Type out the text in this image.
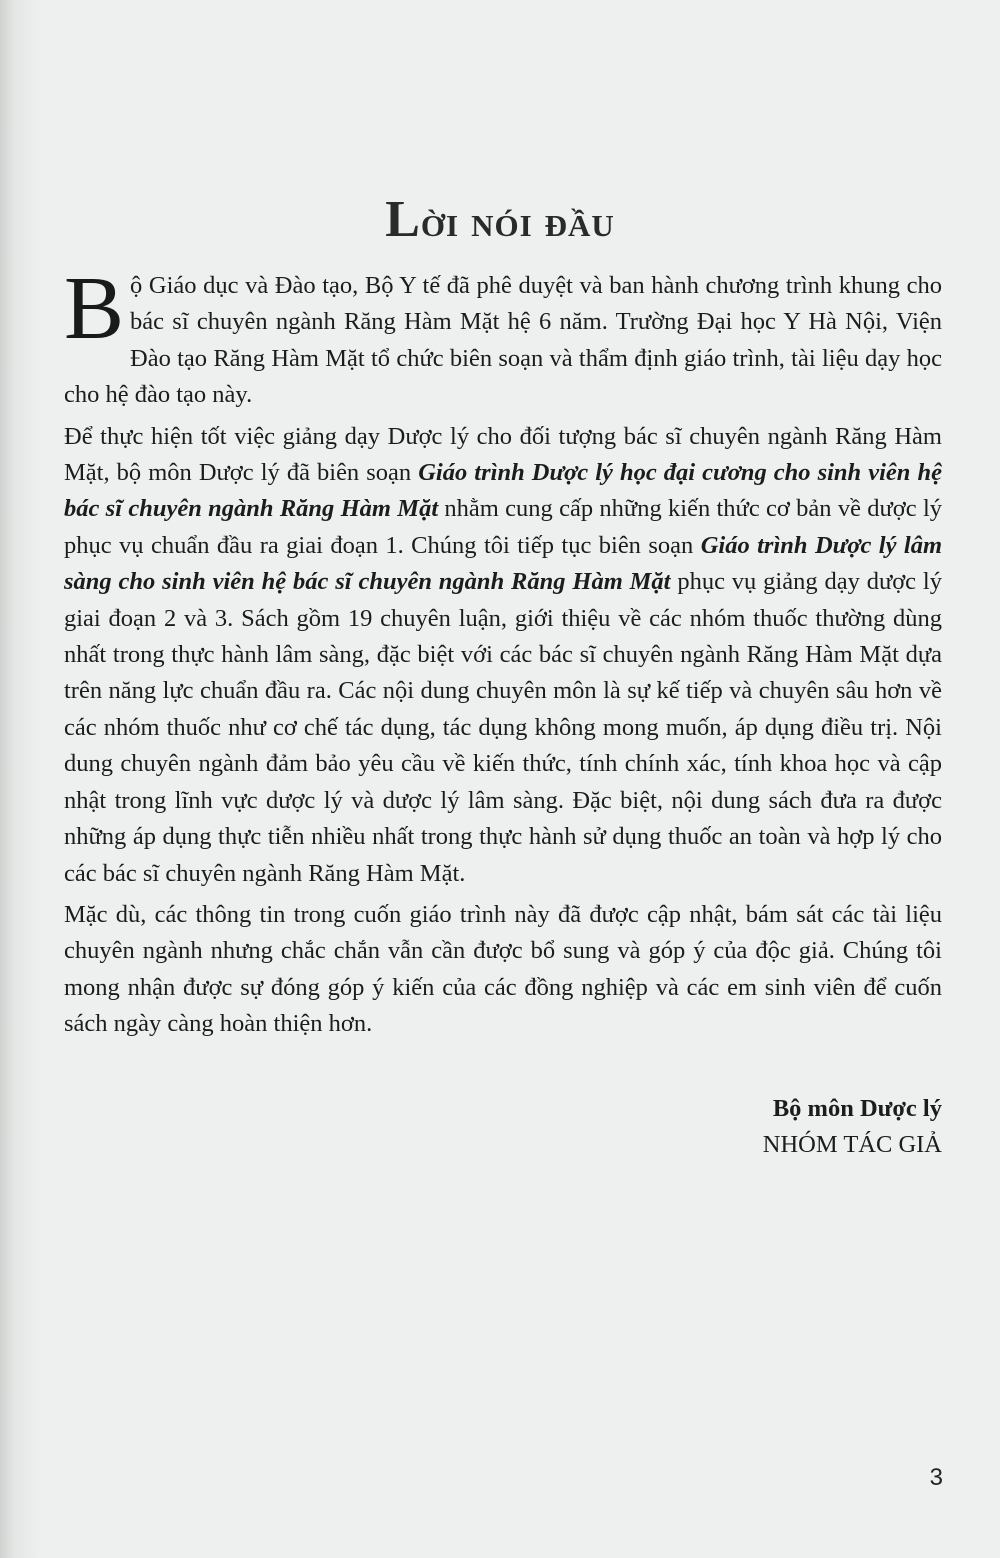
Lời nói đầu

Bộ Giáo dục và Đào tạo, Bộ Y tế đã phê duyệt và ban hành chương trình khung cho bác sĩ chuyên ngành Răng Hàm Mặt hệ 6 năm. Trường Đại học Y Hà Nội, Viện Đào tạo Răng Hàm Mặt tổ chức biên soạn và thẩm định giáo trình, tài liệu dạy học cho hệ đào tạo này.

Để thực hiện tốt việc giảng dạy Dược lý cho đối tượng bác sĩ chuyên ngành Răng Hàm Mặt, bộ môn Dược lý đã biên soạn Giáo trình Dược lý học đại cương cho sinh viên hệ bác sĩ chuyên ngành Răng Hàm Mặt nhằm cung cấp những kiến thức cơ bản về dược lý phục vụ chuẩn đầu ra giai đoạn 1. Chúng tôi tiếp tục biên soạn Giáo trình Dược lý lâm sàng cho sinh viên hệ bác sĩ chuyên ngành Răng Hàm Mặt phục vụ giảng dạy dược lý giai đoạn 2 và 3. Sách gồm 19 chuyên luận, giới thiệu về các nhóm thuốc thường dùng nhất trong thực hành lâm sàng, đặc biệt với các bác sĩ chuyên ngành Răng Hàm Mặt dựa trên năng lực chuẩn đầu ra. Các nội dung chuyên môn là sự kế tiếp và chuyên sâu hơn về các nhóm thuốc như cơ chế tác dụng, tác dụng không mong muốn, áp dụng điều trị. Nội dung chuyên ngành đảm bảo yêu cầu về kiến thức, tính chính xác, tính khoa học và cập nhật trong lĩnh vực dược lý và dược lý lâm sàng. Đặc biệt, nội dung sách đưa ra được những áp dụng thực tiễn nhiều nhất trong thực hành sử dụng thuốc an toàn và hợp lý cho các bác sĩ chuyên ngành Răng Hàm Mặt.

Mặc dù, các thông tin trong cuốn giáo trình này đã được cập nhật, bám sát các tài liệu chuyên ngành nhưng chắc chắn vẫn cần được bổ sung và góp ý của độc giả. Chúng tôi mong nhận được sự đóng góp ý kiến của các đồng nghiệp và các em sinh viên để cuốn sách ngày càng hoàn thiện hơn.

Bộ môn Dược lý
NHÓM TÁC GIẢ
3
